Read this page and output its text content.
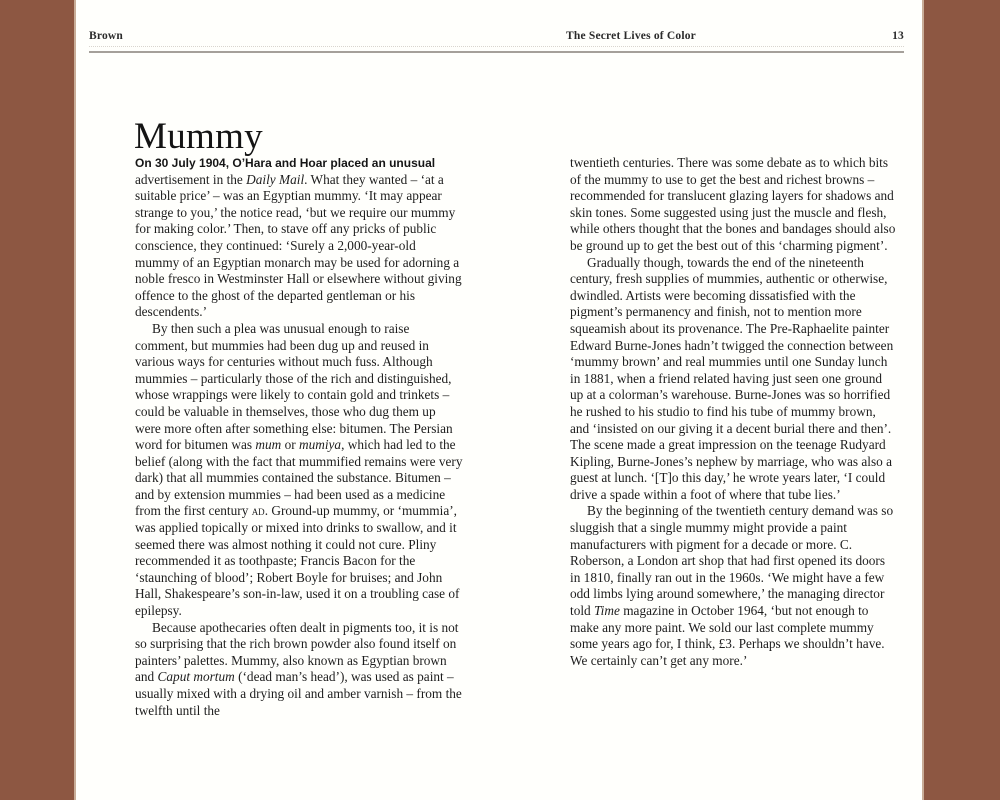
Brown	The Secret Lives of Color	13
Mummy

On 30 July 1904, O’Hara and Hoar placed an unusual advertisement in the Daily Mail. What they wanted – ‘at a suitable price’ – was an Egyptian mummy. ‘It may appear strange to you,’ the notice read, ‘but we require our mummy for making color.’ Then, to stave off any pricks of public conscience, they continued: ‘Surely a 2,000-year-old mummy of an Egyptian monarch may be used for adorning a noble fresco in Westminster Hall or elsewhere without giving offence to the ghost of the departed gentleman or his descendents.’

By then such a plea was unusual enough to raise comment, but mummies had been dug up and reused in various ways for centuries without much fuss. Although mummies – particularly those of the rich and distinguished, whose wrappings were likely to contain gold and trinkets – could be valuable in themselves, those who dug them up were more often after something else: bitumen. The Persian word for bitumen was mum or mumiya, which had led to the belief (along with the fact that mummified remains were very dark) that all mummies contained the substance. Bitumen – and by extension mummies – had been used as a medicine from the first century ad. Ground-up mummy, or ‘mummia’, was applied topically or mixed into drinks to swallow, and it seemed there was almost nothing it could not cure. Pliny recommended it as toothpaste; Francis Bacon for the ‘staunching of blood’; Robert Boyle for bruises; and John Hall, Shakespeare’s son-in-law, used it on a troubling case of epilepsy.

Because apothecaries often dealt in pigments too, it is not so surprising that the rich brown powder also found itself on painters’ palettes. Mummy, also known as Egyptian brown and Caput mortum (‘dead man’s head’), was used as paint – usually mixed with a drying oil and amber varnish – from the twelfth until the

twentieth centuries. There was some debate as to which bits of the mummy to use to get the best and richest browns – recommended for translucent glazing layers for shadows and skin tones. Some suggested using just the muscle and flesh, while others thought that the bones and bandages should also be ground up to get the best out of this ‘charming pigment’.

Gradually though, towards the end of the nineteenth century, fresh supplies of mummies, authentic or otherwise, dwindled. Artists were becoming dissatisfied with the pigment’s permanency and finish, not to mention more squeamish about its provenance. The Pre-Raphaelite painter Edward Burne-Jones hadn’t twigged the connection between ‘mummy brown’ and real mummies until one Sunday lunch in 1881, when a friend related having just seen one ground up at a colorman’s warehouse. Burne-Jones was so horrified he rushed to his studio to find his tube of mummy brown, and ‘insisted on our giving it a decent burial there and then’. The scene made a great impression on the teenage Rudyard Kipling, Burne-Jones’s nephew by marriage, who was also a guest at lunch. ‘[T]o this day,’ he wrote years later, ‘I could drive a spade within a foot of where that tube lies.’

By the beginning of the twentieth century demand was so sluggish that a single mummy might provide a paint manufacturers with pigment for a decade or more. C. Roberson, a London art shop that had first opened its doors in 1810, finally ran out in the 1960s. ‘We might have a few odd limbs lying around somewhere,’ the managing director told Time magazine in October 1964, ‘but not enough to make any more paint. We sold our last complete mummy some years ago for, I think, £3. Perhaps we shouldn’t have. We certainly can’t get any more.’
